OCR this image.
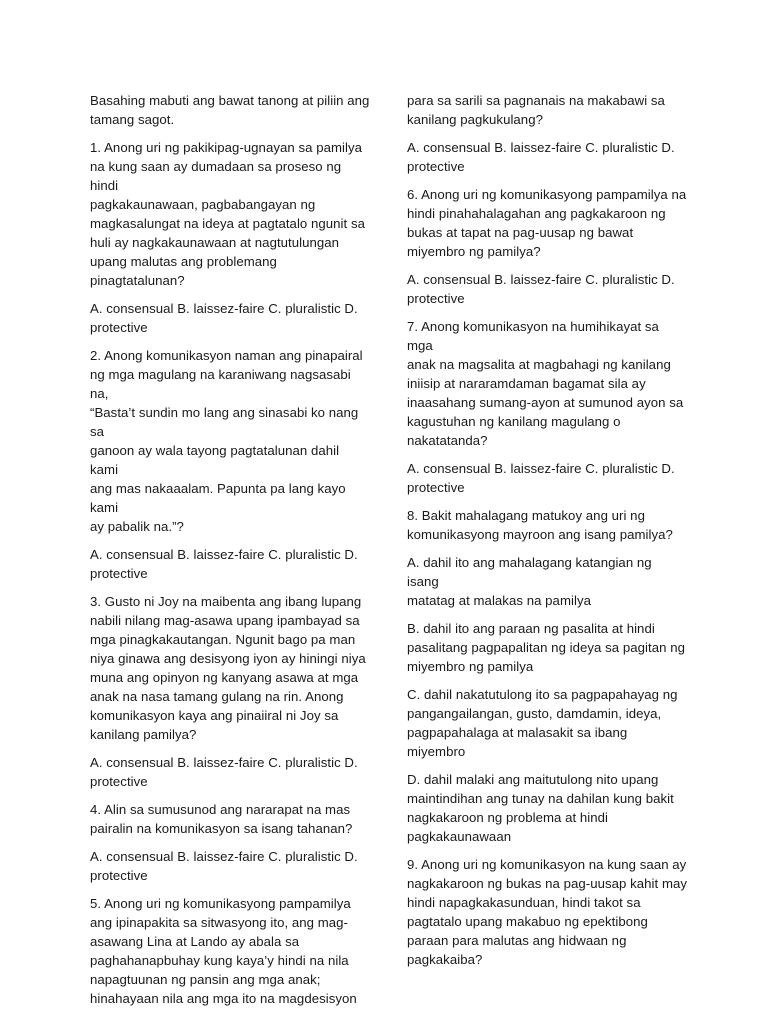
Basahing mabuti ang bawat tanong at piliin ang
tamang sagot.

1. Anong uri ng pakikipag-ugnayan sa pamilya
na kung saan ay dumadaan sa proseso ng hindi
pagkakaunawaan, pagbabangayan ng
magkasalungat na ideya at pagtatalo ngunit sa
huli ay nagkakaunawaan at nagtutulungan
upang malutas ang problemang
pinagtatalunan?

A. consensual B. laissez-faire C. pluralistic D.
protective

2. Anong komunikasyon naman ang pinapairal
ng mga magulang na karaniwang nagsasabi na,
“Basta’t sundin mo lang ang sinasabi ko nang sa
ganoon ay wala tayong pagtatalunan dahil kami
ang mas nakaaalam. Papunta pa lang kayo kami
ay pabalik na.”?

A. consensual B. laissez-faire C. pluralistic D.
protective

3. Gusto ni Joy na maibenta ang ibang lupang
nabili nilang mag-asawa upang ipambayad sa
mga pinagkakautangan. Ngunit bago pa man
niya ginawa ang desisyong iyon ay hiningi niya
muna ang opinyon ng kanyang asawa at mga
anak na nasa tamang gulang na rin. Anong
komunikasyon kaya ang pinaiiral ni Joy sa
kanilang pamilya?

A. consensual B. laissez-faire C. pluralistic D.
protective

4. Alin sa sumusunod ang nararapat na mas
pairalin na komunikasyon sa isang tahanan?

A. consensual B. laissez-faire C. pluralistic D.
protective

5. Anong uri ng komunikasyong pampamilya
ang ipinapakita sa sitwasyong ito, ang mag-
asawang Lina at Lando ay abala sa
paghahanapbuhay kung kaya’y hindi na nila
napagtuunan ng pansin ang mga anak;
hinahayaan nila ang mga ito na magdesisyon

para sa sarili sa pagnanais na makabawi sa
kanilang pagkukulang?

A. consensual B. laissez-faire C. pluralistic D.
protective

6. Anong uri ng komunikasyong pampamilya na
hindi pinahahalagahan ang pagkakaroon ng
bukas at tapat na pag-uusap ng bawat
miyembro ng pamilya?

A. consensual B. laissez-faire C. pluralistic D.
protective

7. Anong komunikasyon na humihikayat sa mga
anak na magsalita at magbahagi ng kanilang
iniisip at nararamdaman bagamat sila ay
inaasahang sumang-ayon at sumunod ayon sa
kagustuhan ng kanilang magulang o
nakatatanda?

A. consensual B. laissez-faire C. pluralistic D.
protective

8. Bakit mahalagang matukoy ang uri ng
komunikasyong mayroon ang isang pamilya?

A. dahil ito ang mahalagang katangian ng isang
matatag at malakas na pamilya

B. dahil ito ang paraan ng pasalita at hindi
pasalitang pagpapalitan ng ideya sa pagitan ng
miyembro ng pamilya

C. dahil nakatutulong ito sa pagpapahayag ng
pangangailangan, gusto, damdamin, ideya,
pagpapahalaga at malasakit sa ibang miyembro

D. dahil malaki ang maitutulong nito upang
maintindihan ang tunay na dahilan kung bakit
nagkakaroon ng problema at hindi
pagkakaunawaan

9. Anong uri ng komunikasyon na kung saan ay
nagkakaroon ng bukas na pag-uusap kahit may
hindi napagkakasunduan, hindi takot sa
pagtatalo upang makabuo ng epektibong
paraan para malutas ang hidwaan ng
pagkakaiba?
